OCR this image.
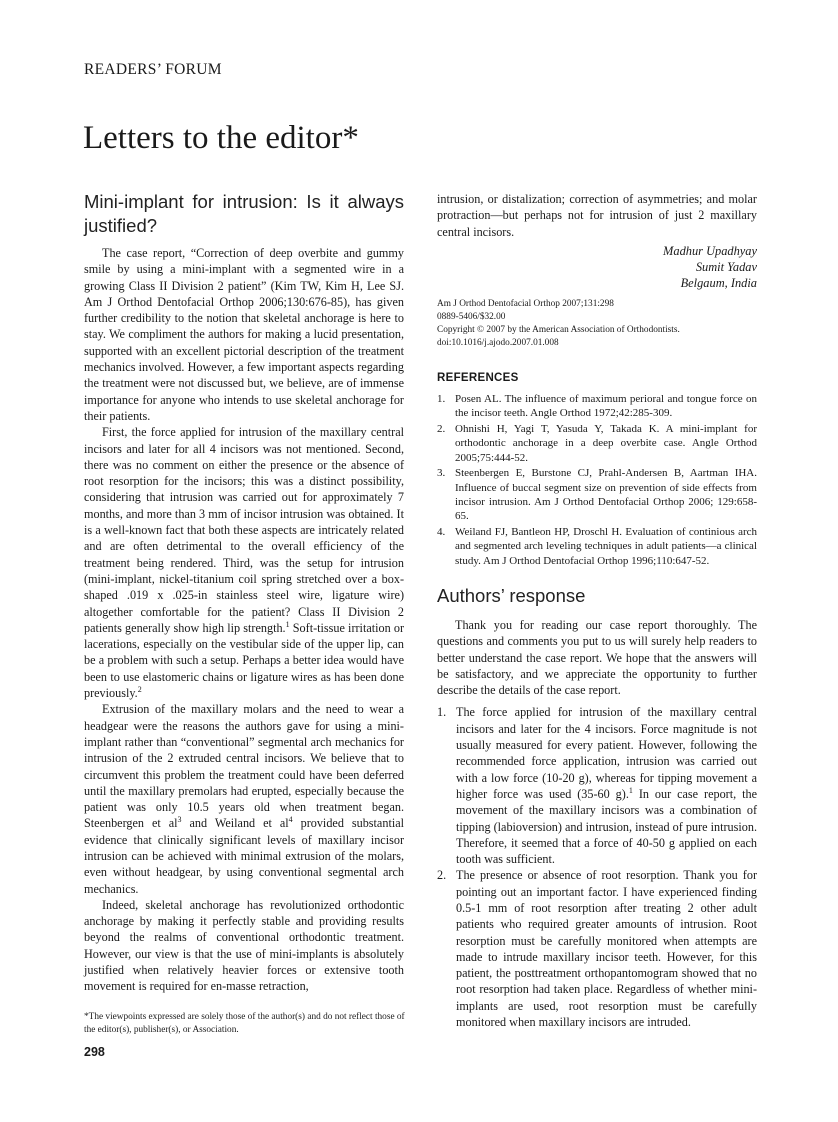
READERS’ FORUM
Letters to the editor*
Mini-implant for intrusion: Is it always justified?

The case report, “Correction of deep overbite and gummy smile by using a mini-implant with a segmented wire in a growing Class II Division 2 patient” (Kim TW, Kim H, Lee SJ. Am J Orthod Dentofacial Orthop 2006;130:676-85), has given further credibility to the notion that skeletal anchorage is here to stay. We compliment the authors for making a lucid presentation, supported with an excellent pictorial description of the treatment mechanics involved. However, a few important aspects regarding the treatment were not discussed but, we believe, are of immense importance for anyone who intends to use skeletal anchorage for their patients.

First, the force applied for intrusion of the maxillary central incisors and later for all 4 incisors was not mentioned. Second, there was no comment on either the presence or the absence of root resorption for the incisors; this was a distinct possibility, considering that intrusion was carried out for approximately 7 months, and more than 3 mm of incisor intrusion was obtained. It is a well-known fact that both these aspects are intricately related and are often detrimental to the overall efficiency of the treatment being rendered. Third, was the setup for intrusion (mini-implant, nickel-titanium coil spring stretched over a box-shaped .019 x .025-in stainless steel wire, ligature wire) altogether comfortable for the patient? Class II Division 2 patients generally show high lip strength.$^1$ Soft-tissue irritation or lacerations, especially on the vestibular side of the upper lip, can be a problem with such a setup. Perhaps a better idea would have been to use elastomeric chains or ligature wires as has been done previously.$^2$

Extrusion of the maxillary molars and the need to wear a headgear were the reasons the authors gave for using a mini-implant rather than “conventional” segmental arch mechanics for intrusion of the 2 extruded central incisors. We believe that to circumvent this problem the treatment could have been deferred until the maxillary premolars had erupted, especially because the patient was only 10.5 years old when treatment began. Steenbergen et $al^3$ and Weiland et $al^4$ provided substantial evidence that clinically significant levels of maxillary incisor intrusion can be achieved with minimal extrusion of the molars, even without headgear, by using conventional segmental arch mechanics.

Indeed, skeletal anchorage has revolutionized orthodontic anchorage by making it perfectly stable and providing results beyond the realms of conventional orthodontic treatment. However, our view is that the use of mini-implants is absolutely justified when relatively heavier forces or extensive tooth movement is required for en-masse retraction,

*The viewpoints expressed are solely those of the author(s) and do not reflect those of the editor(s), publisher(s), or Association.
298

intrusion, or distalization; correction of asymmetries; and molar protraction—but perhaps not for intrusion of just 2 maxillary central incisors.

Madhur Upadhyay
Sumit Yadav
Belgaum, India
Am J Orthod Dentofacial Orthop 2007;131:298
0889-5406/$32.00
Copyright © 2007 by the American Association of Orthodontists.
doi:10.1016/j.ajodo.2007.01.008
REFERENCES
1. Posen AL. The influence of maximum perioral and tongue force on the incisor teeth. Angle Orthod 1972;42:285-309.
2. Ohnishi H, Yagi T, Yasuda Y, Takada K. A mini-implant for orthodontic anchorage in a deep overbite case. Angle Orthod 2005;75:444-52.
3. Steenbergen E, Burstone CJ, Prahl-Andersen B, Aartman IHA. Influence of buccal segment size on prevention of side effects from incisor intrusion. Am J Orthod Dentofacial Orthop 2006; 129:658-65.
4. Weiland FJ, Bantleon HP, Droschl H. Evaluation of continious arch and segmented arch leveling techniques in adult patients—a clinical study. Am J Orthod Dentofacial Orthop 1996;110:647-52.
Authors’ response

Thank you for reading our case report thoroughly. The questions and comments you put to us will surely help readers to better understand the case report. We hope that the answers will be satisfactory, and we appreciate the opportunity to further describe the details of the case report.

1. The force applied for intrusion of the maxillary central incisors and later for the 4 incisors. Force magnitude is not usually measured for every patient. However, following the recommended force application, intrusion was carried out with a low force (10-20 g), whereas for tipping movement a higher force was used (35-60 g).$^1$ In our case report, the movement of the maxillary incisors was a combination of tipping (labioversion) and intrusion, instead of pure intrusion. Therefore, it seemed that a force of 40-50 g applied on each tooth was sufficient.
2. The presence or absence of root resorption. Thank you for pointing out an important factor. I have experienced finding 0.5-1 mm of root resorption after treating 2 other adult patients who required greater amounts of intrusion. Root resorption must be carefully monitored when attempts are made to intrude maxillary incisor teeth. However, for this patient, the posttreatment orthopantomogram showed that no root resorption had taken place. Regardless of whether mini-implants are used, root resorption must be carefully monitored when maxillary incisors are intruded.
